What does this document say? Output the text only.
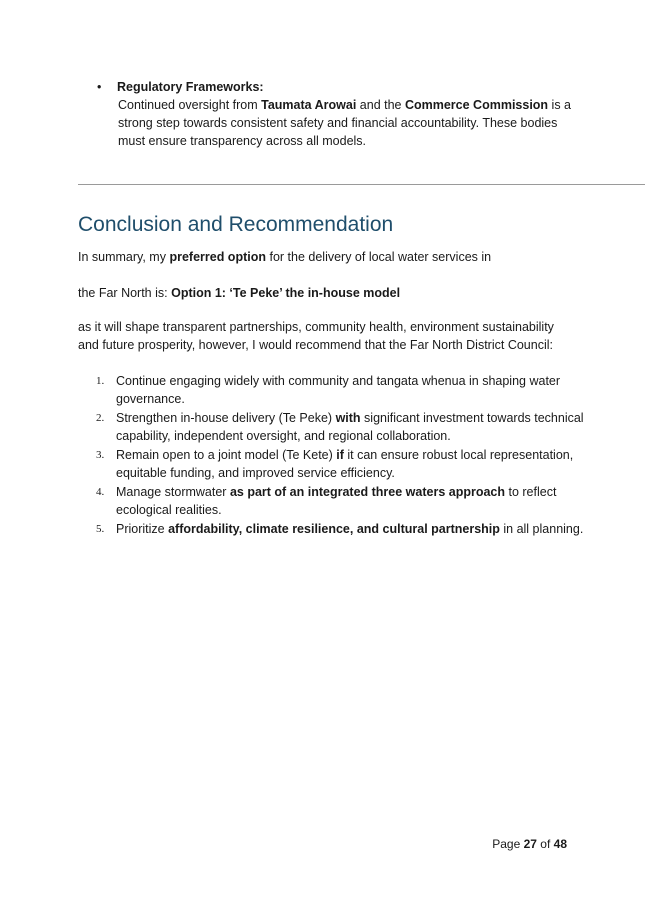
• Regulatory Frameworks:
Continued oversight from Taumata Arowai and the Commerce Commission is a strong step towards consistent safety and financial accountability. These bodies must ensure transparency across all models.
Conclusion and Recommendation

In summary, my preferred option for the delivery of local water services in

the Far North is: Option 1: ‘Te Peke’ the in-house model

as it will shape transparent partnerships, community health, environment sustainability and future prosperity, however, I would recommend that the Far North District Council:

1. Continue engaging widely with community and tangata whenua in shaping water governance.
2. Strengthen in-house delivery (Te Peke) with significant investment towards technical capability, independent oversight, and regional collaboration.
3. Remain open to a joint model (Te Kete) if it can ensure robust local representation, equitable funding, and improved service efficiency.
4. Manage stormwater as part of an integrated three waters approach to reflect ecological realities.
5. Prioritize affordability, climate resilience, and cultural partnership in all planning.
Page 27 of 48
